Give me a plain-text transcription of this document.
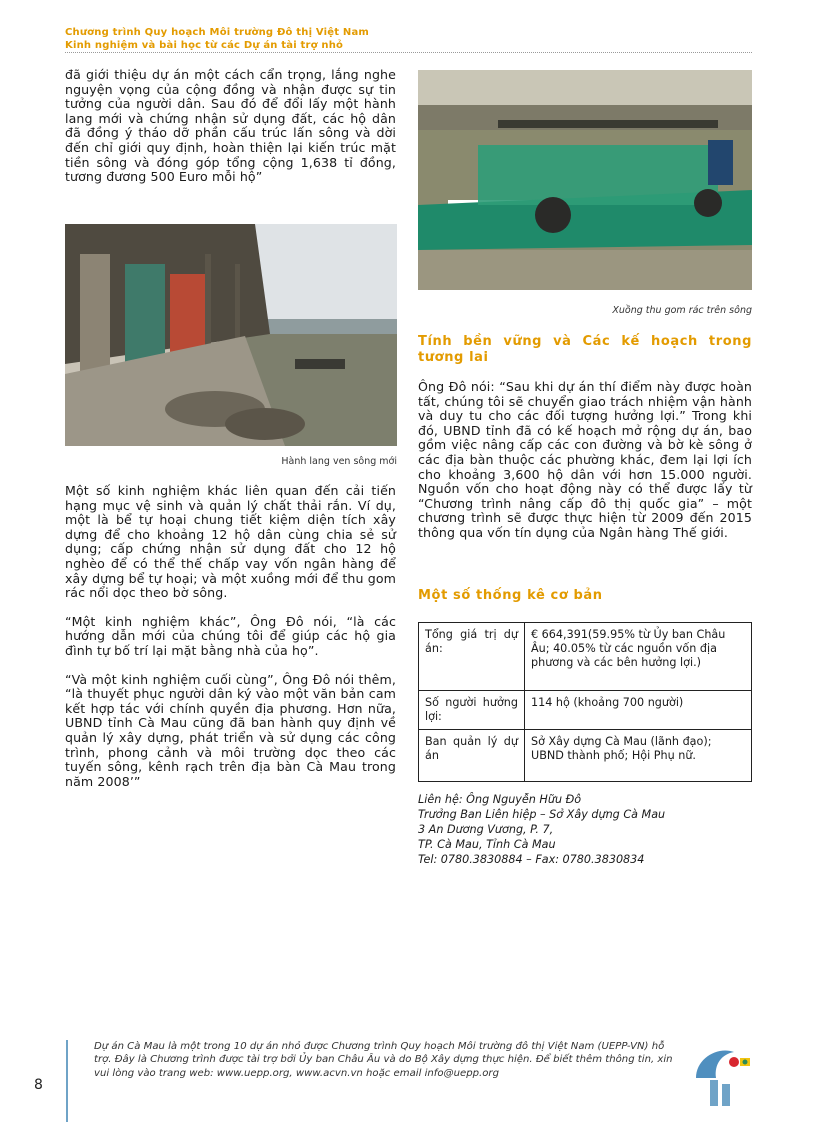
Chương trình Quy hoạch Môi trường Đô thị Việt Nam
Kinh nghiệm và bài học từ các Dự án tài trợ nhỏ

đã giới thiệu dự án một cách cẩn trọng, lắng nghe nguyện vọng của cộng đồng và nhận được sự tin tưởng của người dân. Sau đó để đổi lấy một hành lang mới và chứng nhận sử dụng đất, các hộ dân đã đồng ý tháo dỡ phần cấu trúc lấn sông và dời đến chỉ giới quy định, hoàn thiện lại kiến trúc mặt tiền sông và đóng góp tổng cộng 1,638 tỉ đồng, tương đương 500 Euro mỗi hộ”

Hành lang ven sông mới

Một số kinh nghiệm khác liên quan đến cải tiến hạng mục vệ sinh và quản lý chất thải rắn. Ví dụ, một là bể tự hoại chung tiết kiệm diện tích xây dựng để cho khoảng 12 hộ dân cùng chia sẻ sử dụng; cấp chứng nhận sử dụng đất cho 12 hộ nghèo để có thể thế chấp vay vốn ngân hàng để xây dựng bể tự hoại; và một xuồng mới để thu gom rác nổi dọc theo bờ sông.

“Một kinh nghiệm khác”, Ông Đô nói, “là các hướng dẫn mới của chúng tôi để giúp các hộ gia đình tự bố trí lại mặt bằng nhà của họ”.

“Và một kinh nghiệm cuối cùng”, Ông Đô nói thêm, “là thuyết phục người dân ký vào một văn bản cam kết hợp tác với chính quyền địa phương. Hơn nữa, UBND tỉnh Cà Mau cũng đã ban hành quy định về quản lý xây dựng, phát triển và sử dụng các công trình, phong cảnh và môi trường dọc theo các tuyến sông, kênh rạch trên địa bàn Cà Mau trong năm 2008’”

Xuồng thu gom rác trên sông
Tính bền vững và Các kế hoạch trong tương lai

Ông Đô nói: “Sau khi dự án thí điểm này được hoàn tất, chúng tôi sẽ chuyển giao trách nhiệm vận hành và duy tu cho các đối tượng hưởng lợi.” Trong khi đó, UBND tỉnh đã có kế hoạch mở rộng dự án, bao gồm việc nâng cấp các con đường và bờ kè sông ở các địa bàn thuộc các phường khác, đem lại lợi ích cho khoảng 3,600 hộ dân với hơn 15.000 người. Nguồn vốn cho hoạt động này có thể được lấy từ “Chương trình nâng cấp đô thị quốc gia” – một chương trình sẽ được thực hiện từ 2009 đến 2015 thông qua vốn tín dụng của Ngân hàng Thế giới.

Một số thống kê cơ bản
Tổng giá trị dự án:	€ 664,391(59.95% từ Ủy ban Châu Âu; 40.05% từ các nguồn vốn địa phương và các bên hưởng lợi.)
Số người hưởng lợi:	114 hộ (khoảng 700 người)
Ban quản lý dự án	Sở Xây dựng Cà Mau (lãnh đạo); UBND thành phố; Hội Phụ nữ.
Liên hệ: Ông Nguyễn Hữu Đô
Trưởng Ban Liên hiệp – Sở Xây dựng Cà Mau
3 An Dương Vương, P. 7,
TP. Cà Mau, Tỉnh Cà Mau
Tel: 0780.3830884 – Fax: 0780.3830834
Dự án Cà Mau là một trong 10 dự án nhỏ được Chương trình Quy hoạch Môi trường đô thị Việt Nam (UEPP-VN) hỗ trợ. Đây là Chương trình được tài trợ bởi Ủy ban Châu Âu và do Bộ Xây dựng thực hiện. Để biết thêm thông tin, xin vui lòng vào trang web: www.uepp.org, www.acvn.vn hoặc email info@uepp.org
8
